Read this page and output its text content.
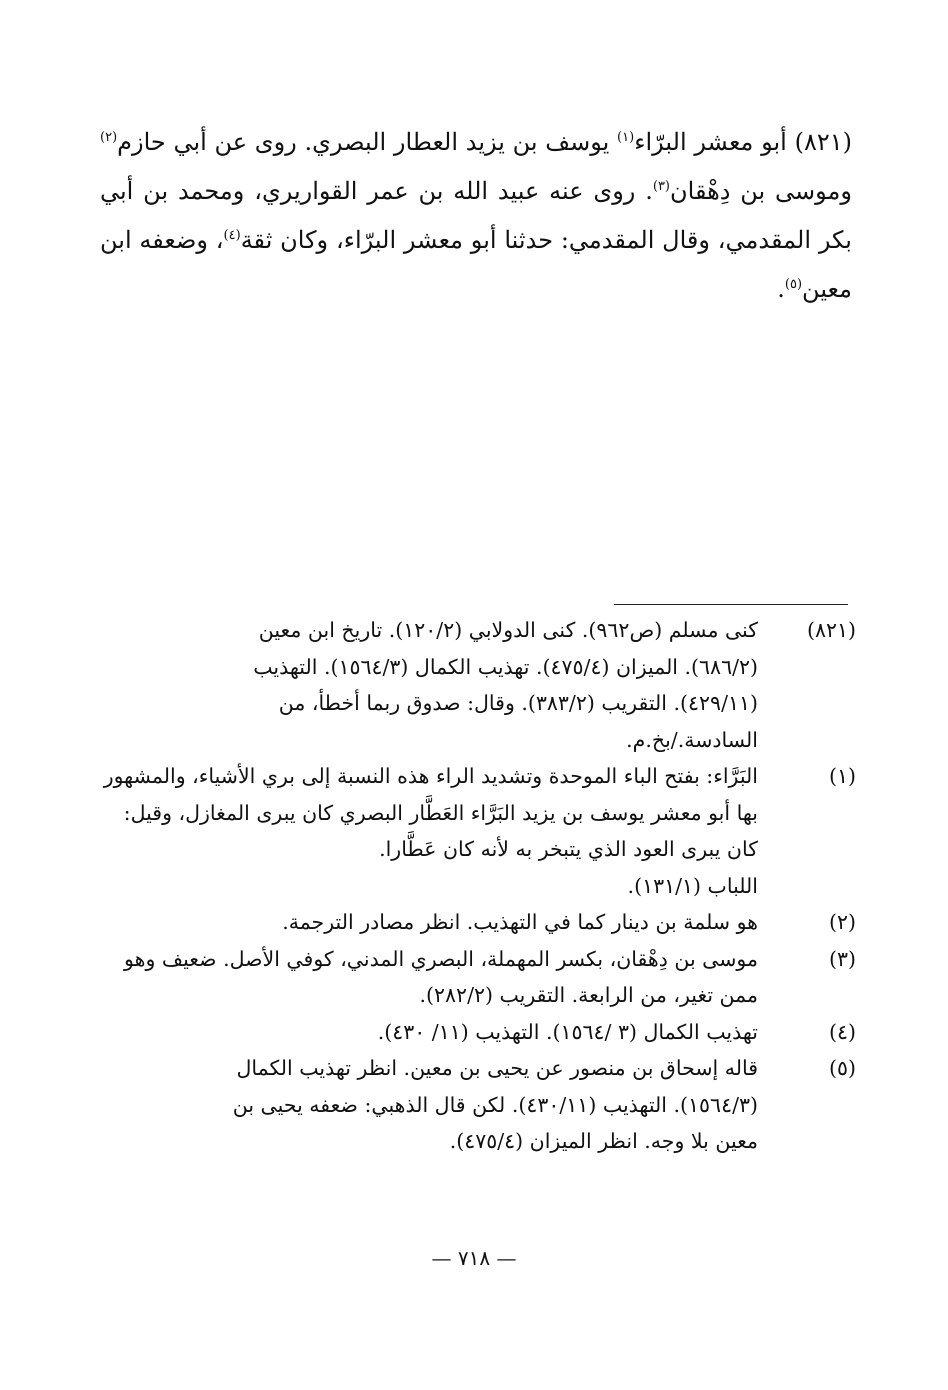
(٨٢١) أبو معشر البرّاء$^{(١)}$ يوسف بن يزيد العطار البصري. روى عن أبي حازم$^{(٢)}$ وموسى بن دِهْقان$^{(٣)}$. روى عنه عبيد الله بن عمر القواريري، ومحمد بن أبي بكر المقدمي، وقال المقدمي: حدثنا أبو معشر البرّاء، وكان ثقة$^{(٤)}$، وضعفه ابن معين$^{(٥)}$.

(٨٢١)
كنى مسلم (ص٩٦٢). كنى الدولابي (١٢٠/٢). تاريخ ابن معين
(٦٨٦/٢). الميزان (٤٧٥/٤). تهذيب الكمال (١٥٦٤/٣). التهذيب
(٤٢٩/١١). التقريب (٣٨٣/٢). وقال: صدوق ربما أخطأ، من
السادسة./بخ.م.
(١)
البَرَّاء: بفتح الباء الموحدة وتشديد الراء هذه النسبة إلى بري الأشياء، والمشهور
بها أبو معشر يوسف بن يزيد البَرَّاء العَطَّار البصري كان يبرى المغازل، وقيل:
كان يبرى العود الذي يتبخر به لأنه كان عَطَّارا.
اللباب (١٣١/١).
(٢)
هو سلمة بن دينار كما في التهذيب. انظر مصادر الترجمة.
(٣)
موسى بن دِهْقان، بكسر المهملة، البصري المدني، كوفي الأصل. ضعيف وهو
ممن تغير، من الرابعة. التقريب (٢٨٢/٢).
(٤)
تهذيب الكمال (٣ /١٥٦٤). التهذيب (١١/ ٤٣٠).
(٥)
قاله إسحاق بن منصور عن يحيى بن معين. انظر تهذيب الكمال
(١٥٦٤/٣). التهذيب (٤٣٠/١١). لكن قال الذهبي: ضعفه يحيى بن
معين بلا وجه. انظر الميزان (٤٧٥/٤).
— ٧١٨ —
